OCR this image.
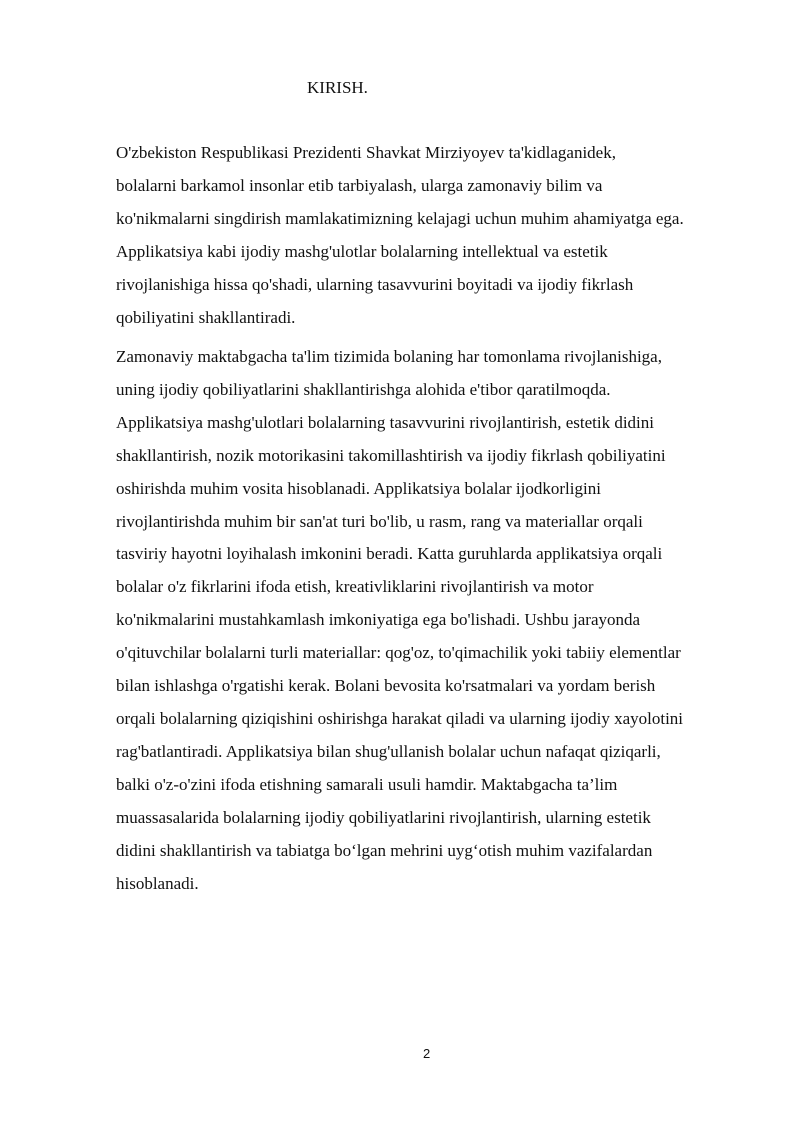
KIRISH.

O'zbekiston Respublikasi Prezidenti Shavkat Mirziyoyev ta'kidlaganidek,
bolalarni barkamol insonlar etib tarbiyalash, ularga zamonaviy bilim va
ko'nikmalarni singdirish mamlakatimizning kelajagi uchun muhim ahamiyatga ega.
Applikatsiya kabi ijodiy mashg'ulotlar bolalarning intellektual va estetik
rivojlanishiga hissa qo'shadi, ularning tasavvurini boyitadi va ijodiy fikrlash
qobiliyatini shakllantiradi.

Zamonaviy maktabgacha ta'lim tizimida bolaning har tomonlama rivojlanishiga,
uning ijodiy qobiliyatlarini shakllantirishga alohida e'tibor qaratilmoqda.
Applikatsiya mashg'ulotlari bolalarning tasavvurini rivojlantirish, estetik didini
shakllantirish, nozik motorikasini takomillashtirish va ijodiy fikrlash qobiliyatini
oshirishda muhim vosita hisoblanadi. Applikatsiya bolalar ijodkorligini
rivojlantirishda muhim bir san'at turi bo'lib, u rasm, rang va materiallar orqali
tasviriy hayotni loyihalash imkonini beradi. Katta guruhlarda applikatsiya orqali
bolalar o'z fikrlarini ifoda etish, kreativliklarini rivojlantirish va motor
ko'nikmalarini mustahkamlash imkoniyatiga ega bo'lishadi. Ushbu jarayonda
o'qituvchilar bolalarni turli materiallar: qog'oz, to'qimachilik yoki tabiiy elementlar
bilan ishlashga o'rgatishi kerak. Bolani bevosita ko'rsatmalari va yordam berish
orqali bolalarning qiziqishini oshirishga harakat qiladi va ularning ijodiy xayolotini
rag'batlantiradi. Applikatsiya bilan shug'ullanish bolalar uchun nafaqat qiziqarli,
balki o'z-o'zini ifoda etishning samarali usuli hamdir. Maktabgacha ta’lim
muassasalarida bolalarning ijodiy qobiliyatlarini rivojlantirish, ularning estetik
didini shakllantirish va tabiatga bo‘lgan mehrini uyg‘otish muhim vazifalardan
hisoblanadi.

2
